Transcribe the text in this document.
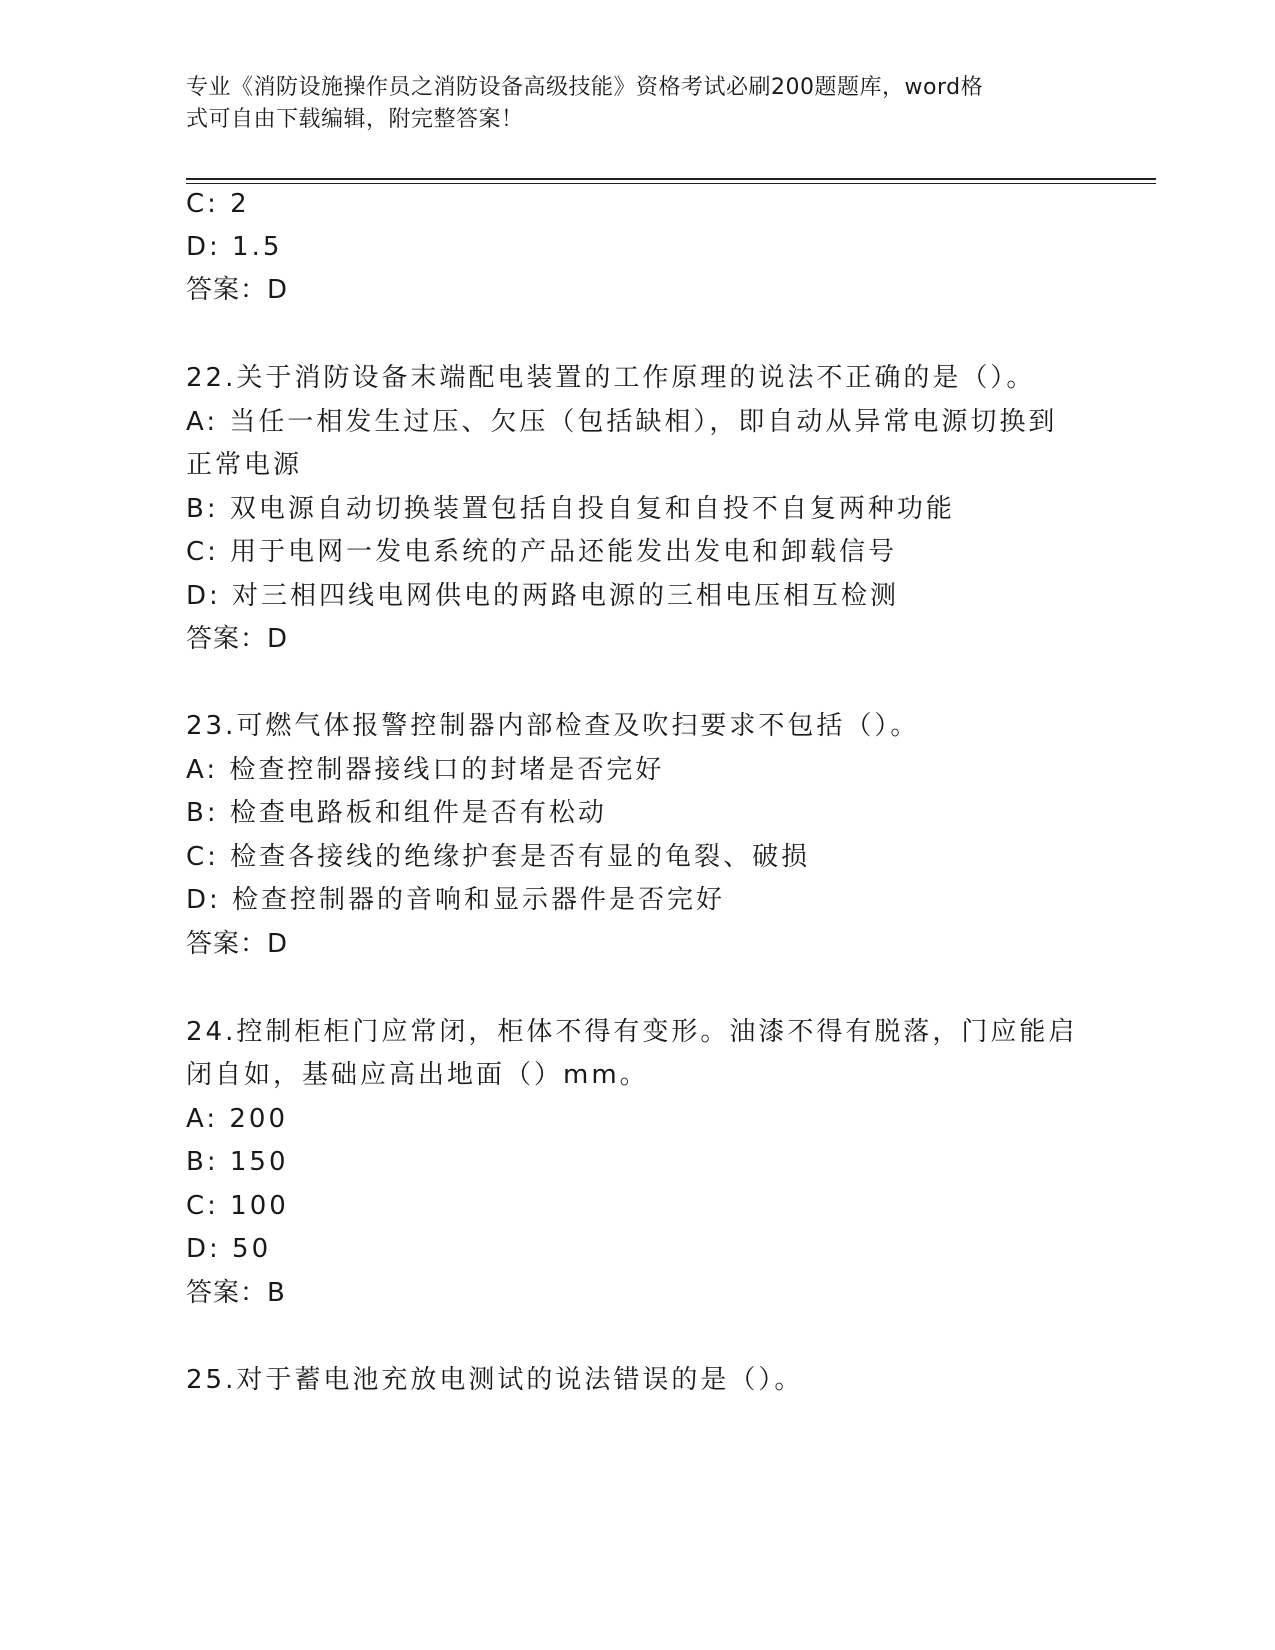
专业《消防设施操作员之消防设备高级技能》资格考试必刷200题题库，word格
式可自由下载编辑，附完整答案！
C: 2
D: 1.5
答案：D
22.关于消防设备末端配电装置的工作原理的说法不正确的是（）。
A: 当任一相发生过压、欠压（包括缺相），即自动从异常电源切换到
正常电源
B: 双电源自动切换装置包括自投自复和自投不自复两种功能
C: 用于电网一发电系统的产品还能发出发电和卸载信号
D: 对三相四线电网供电的两路电源的三相电压相互检测
答案：D
23.可燃气体报警控制器内部检查及吹扫要求不包括（）。
A: 检查控制器接线口的封堵是否完好
B: 检查电路板和组件是否有松动
C: 检查各接线的绝缘护套是否有显的龟裂、破损
D: 检查控制器的音响和显示器件是否完好
答案：D
24.控制柜柜门应常闭，柜体不得有变形。油漆不得有脱落，门应能启
闭自如，基础应高出地面（）mm。
A: 200
B: 150
C: 100
D: 50
答案：B
25.对于蓄电池充放电测试的说法错误的是（）。
